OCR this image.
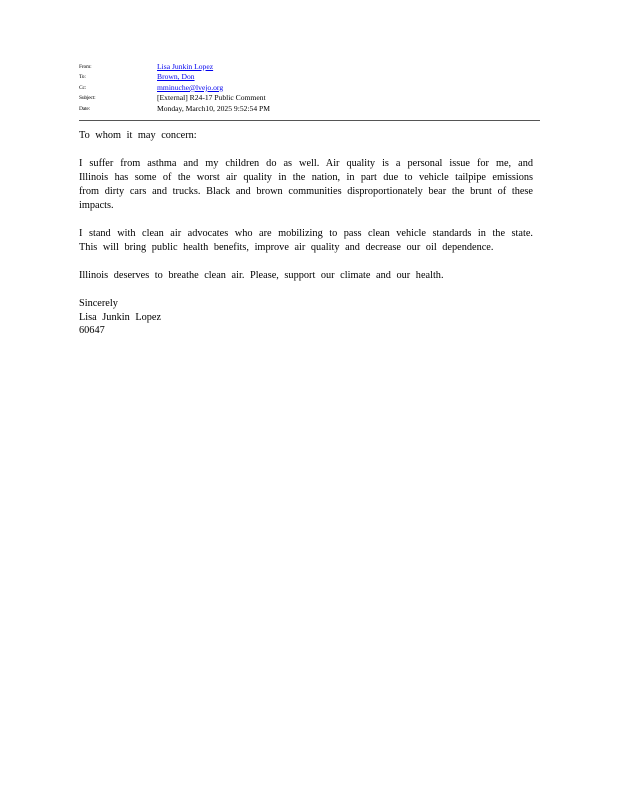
From:	Lisa Junkin Lopez
To:	Brown, Don
Cc:	mminuche@lvejo.org
Subject:	[External] R24-17 Public Comment
Date:	Monday, March10, 2025 9:52:54 PM

To whom it may concern:

I suffer from asthma and my children do as well. Air quality is a personal issue for me, and Illinois has some of the worst air quality in the nation, in part due to vehicle tailpipe emissions from dirty cars and trucks. Black and brown communities disproportionately bear the brunt of these impacts.

I stand with clean air advocates who are mobilizing to pass clean vehicle standards in the state. This will bring public health benefits, improve air quality and decrease our oil dependence.

Illinois deserves to breathe clean air. Please, support our climate and our health.

Sincerely
Lisa Junkin Lopez
60647
